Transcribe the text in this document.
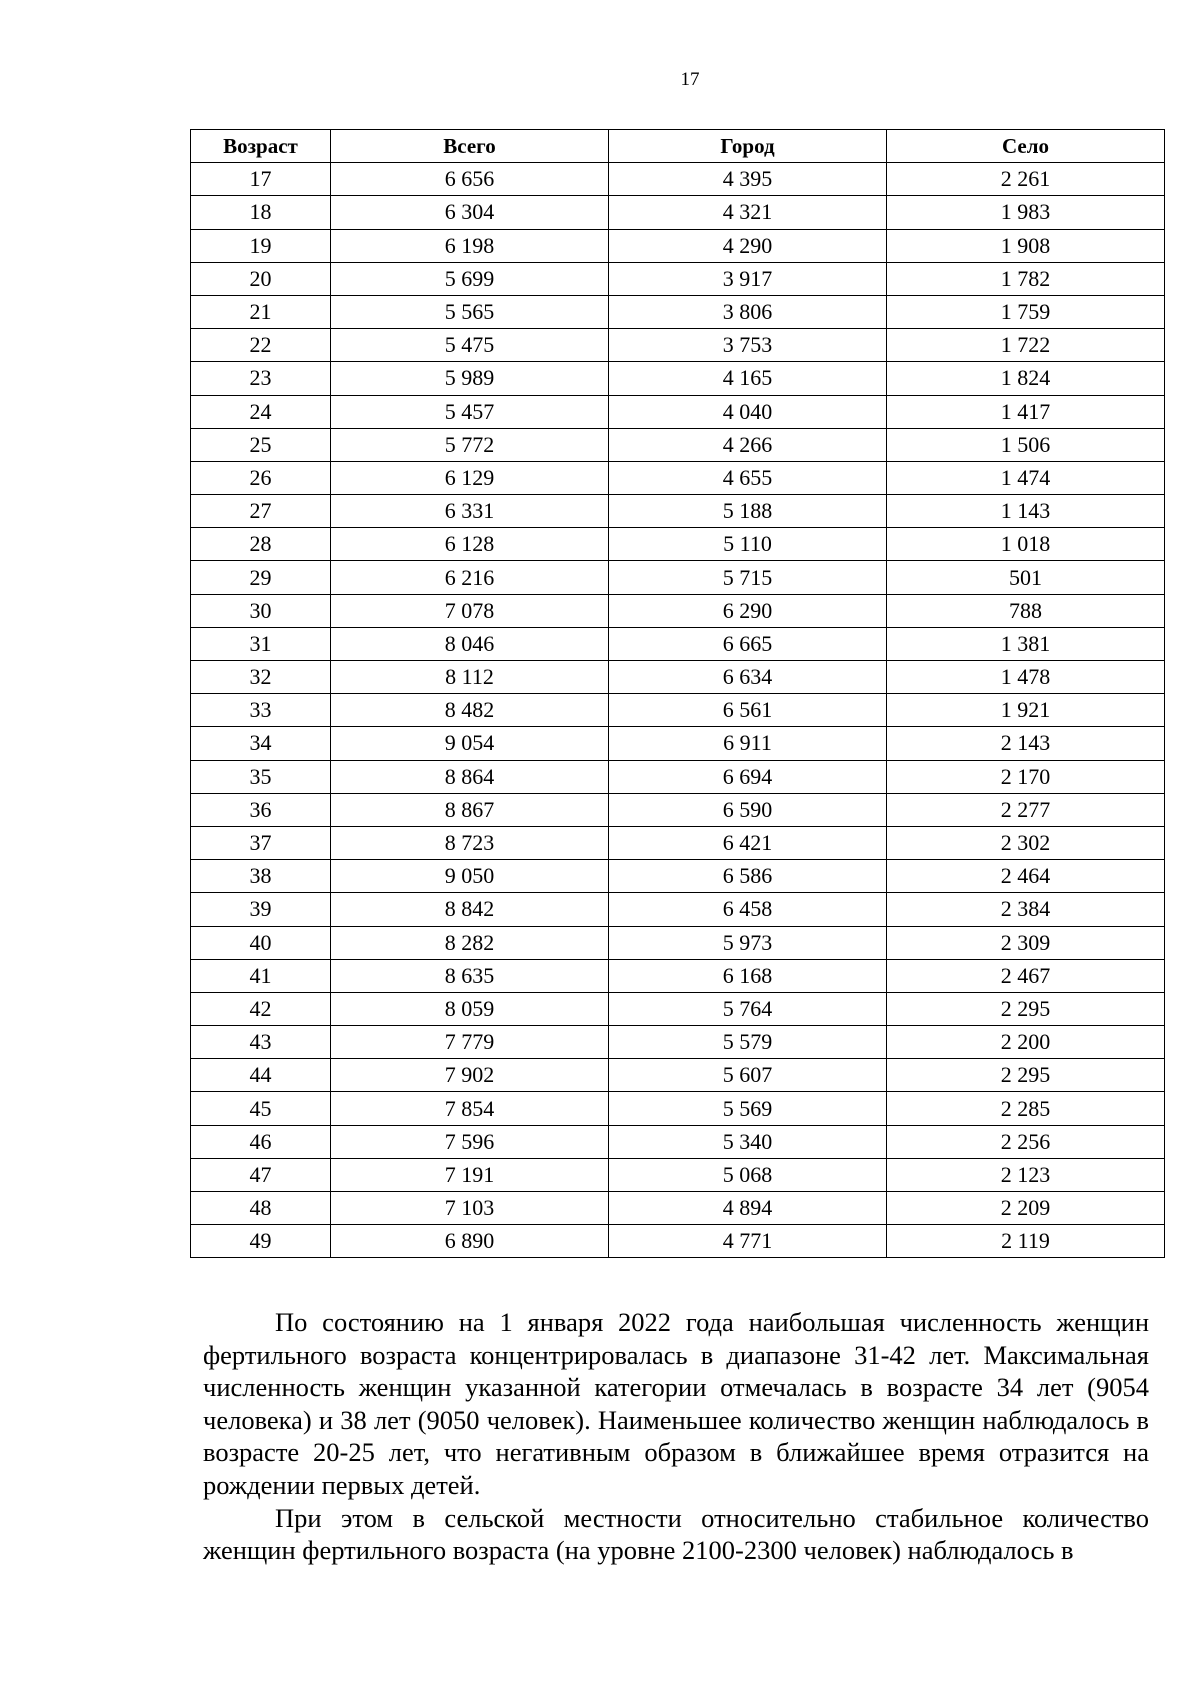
17
Возраст	Всего	Город	Село
17	6 656	4 395	2 261
18	6 304	4 321	1 983
19	6 198	4 290	1 908
20	5 699	3 917	1 782
21	5 565	3 806	1 759
22	5 475	3 753	1 722
23	5 989	4 165	1 824
24	5 457	4 040	1 417
25	5 772	4 266	1 506
26	6 129	4 655	1 474
27	6 331	5 188	1 143
28	6 128	5 110	1 018
29	6 216	5 715	501
30	7 078	6 290	788
31	8 046	6 665	1 381
32	8 112	6 634	1 478
33	8 482	6 561	1 921
34	9 054	6 911	2 143
35	8 864	6 694	2 170
36	8 867	6 590	2 277
37	8 723	6 421	2 302
38	9 050	6 586	2 464
39	8 842	6 458	2 384
40	8 282	5 973	2 309
41	8 635	6 168	2 467
42	8 059	5 764	2 295
43	7 779	5 579	2 200
44	7 902	5 607	2 295
45	7 854	5 569	2 285
46	7 596	5 340	2 256
47	7 191	5 068	2 123
48	7 103	4 894	2 209
49	6 890	4 771	2 119

По состоянию на 1 января 2022 года наибольшая численность женщин фертильного возраста концентрировалась в диапазоне 31-42 лет. Максимальная численность женщин указанной категории отмечалась в возрасте 34 лет (9054 человека) и 38 лет (9050 человек). Наименьшее количество женщин наблюдалось в возрасте 20-25 лет, что негативным образом в ближайшее время отразится на рождении первых детей.

При этом в сельской местности относительно стабильное количество женщин фертильного возраста (на уровне 2100-2300 человек) наблюдалось в
